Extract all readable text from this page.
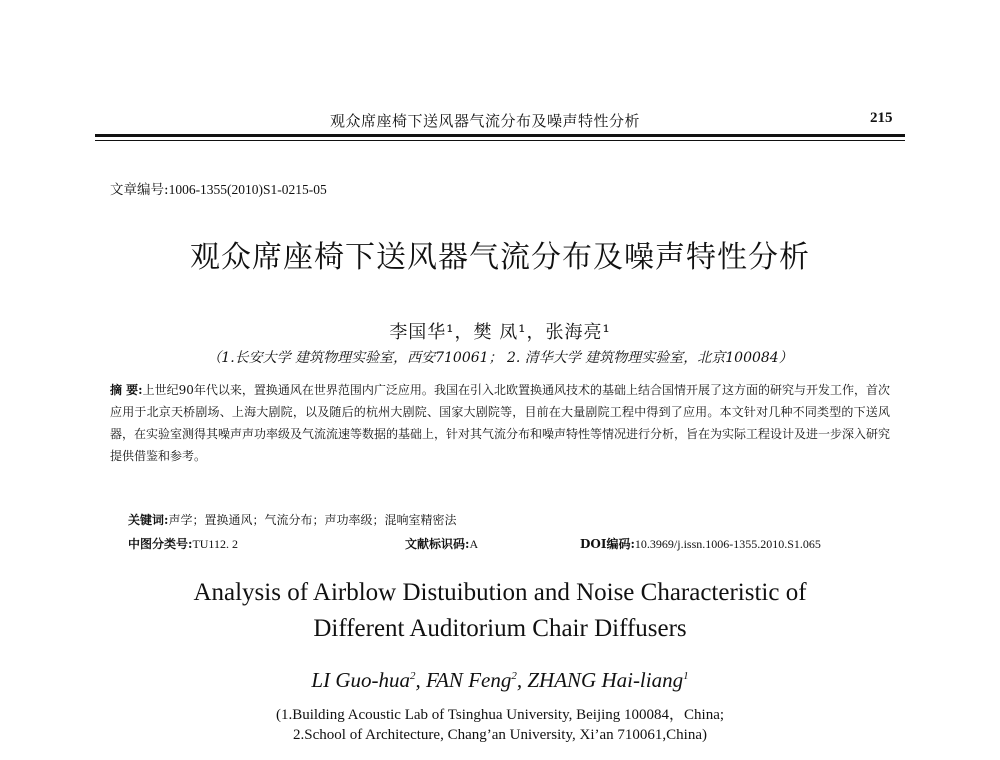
观众席座椅下送风器气流分布及噪声特性分析	215
文章编号:1006-1355(2010)S1-0215-05
观众席座椅下送风器气流分布及噪声特性分析
李国华¹，樊 凤¹，张海亮¹
（1.长安大学 建筑物理实验室，西安710061； 2. 清华大学 建筑物理实验室，北京100084）
摘 要:上世纪90年代以来，置换通风在世界范围内广泛应用。我国在引入北欧置换通风技术的基础上结合国情开展了这方面的研究与开发工作，首次应用于北京天桥剧场、上海大剧院，以及随后的杭州大剧院、国家大剧院等，目前在大量剧院工程中得到了应用。本文针对几种不同类型的下送风器，在实验室测得其噪声声功率级及气流流速等数据的基础上，针对其气流分布和噪声特性等情况进行分析，旨在为实际工程设计及进一步深入研究提供借鉴和参考。
关键词:声学；置换通风；气流分布；声功率级；混响室精密法
中图分类号:TU112. 2	文献标识码:A	DOI编码:10.3969/j.issn.1006-1355.2010.S1.065
Analysis of Airblow Distuibution and Noise Characteristic of
Different Auditorium Chair Diffusers
LI Guo-hua$^2$, FAN Feng$^2$, ZHANG Hai-liang$^1$
(1.Building Acoustic Lab of Tsinghua University, Beijing 100084，China;
2.School of Architecture, Chang’an University, Xi’an 710061,China)
